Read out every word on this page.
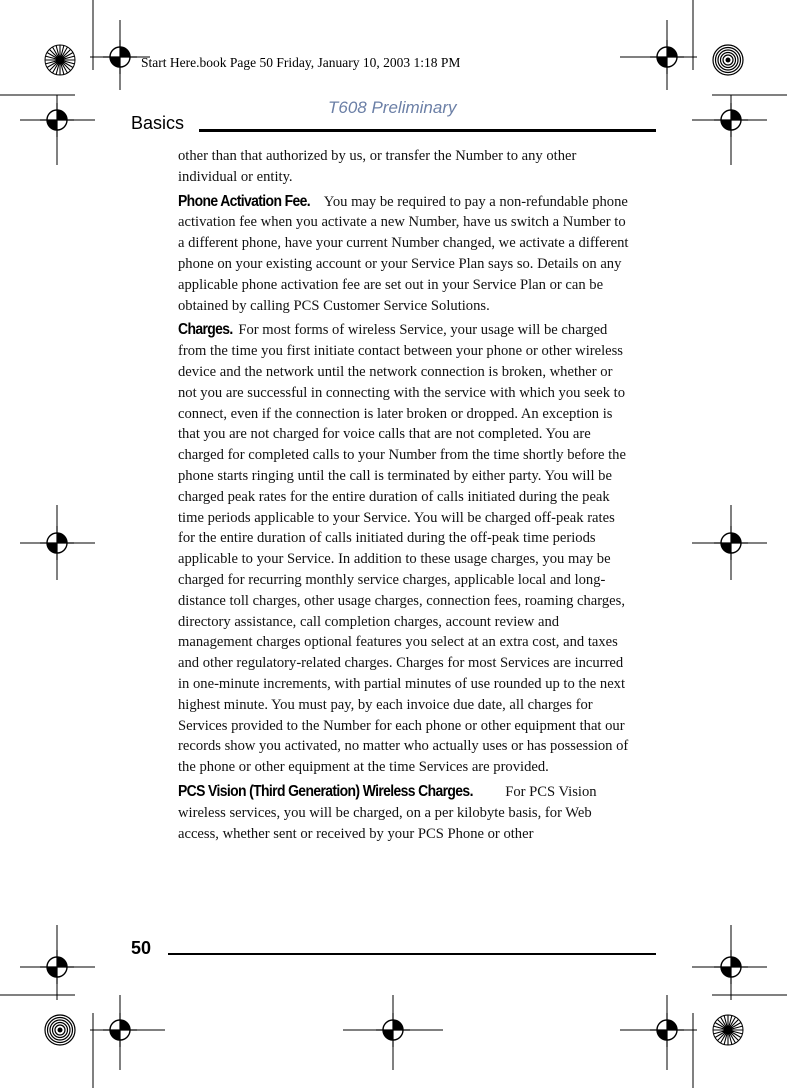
Start Here.book Page 50 Friday, January 10, 2003 1:18 PM
T608 Preliminary
Basics

other than that authorized by us, or transfer the Number to any other individual or entity.

Phone Activation Fee. You may be required to pay a non-refundable phone activation fee when you activate a new Number, have us switch a Number to a different phone, have your current Number changed, we activate a different phone on your existing account or your Service Plan says so. Details on any applicable phone activation fee are set out in your Service Plan or can be obtained by calling PCS Customer Service Solutions.

Charges. For most forms of wireless Service, your usage will be charged from the time you first initiate contact between your phone or other wireless device and the network until the network connection is broken, whether or not you are successful in connecting with the service with which you seek to connect, even if the connection is later broken or dropped. An exception is that you are not charged for voice calls that are not completed. You are charged for completed calls to your Number from the time shortly before the phone starts ringing until the call is terminated by either party. You will be charged peak rates for the entire duration of calls initiated during the peak time periods applicable to your Service. You will be charged off-peak rates for the entire duration of calls initiated during the off-peak time periods applicable to your Service. In addition to these usage charges, you may be charged for recurring monthly service charges, applicable local and long-distance toll charges, other usage charges, connection fees, roaming charges, directory assistance, call completion charges, account review and management charges optional features you select at an extra cost, and taxes and other regulatory-related charges. Charges for most Services are incurred in one-minute increments, with partial minutes of use rounded up to the next highest minute. You must pay, by each invoice due date, all charges for Services provided to the Number for each phone or other equipment that our records show you activated, no matter who actually uses or has possession of the phone or other equipment at the time Services are provided.

PCS Vision (Third Generation) Wireless Charges. For PCS Vision wireless services, you will be charged, on a per kilobyte basis, for Web access, whether sent or received by your PCS Phone or other

50
